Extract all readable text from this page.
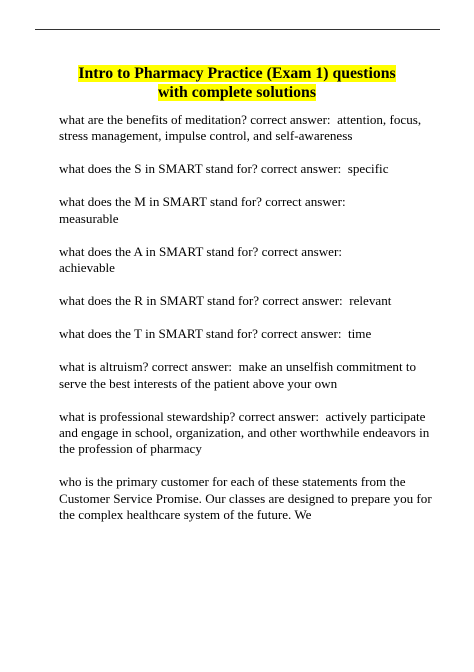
Intro to Pharmacy Practice (Exam 1) questions
with complete solutions

what are the benefits of meditation? correct answer:  attention, focus, stress management, impulse control, and self-awareness

what does the S in SMART stand for? correct answer:  specific

what does the M in SMART stand for? correct answer:
measurable

what does the A in SMART stand for? correct answer:
achievable

what does the R in SMART stand for? correct answer:  relevant

what does the T in SMART stand for? correct answer:  time

what is altruism? correct answer:  make an unselfish commitment to serve the best interests of the patient above your own

what is professional stewardship? correct answer:  actively participate and engage in school, organization, and other worthwhile endeavors in the profession of pharmacy

who is the primary customer for each of these statements from the Customer Service Promise. Our classes are designed to prepare you for the complex healthcare system of the future. We
